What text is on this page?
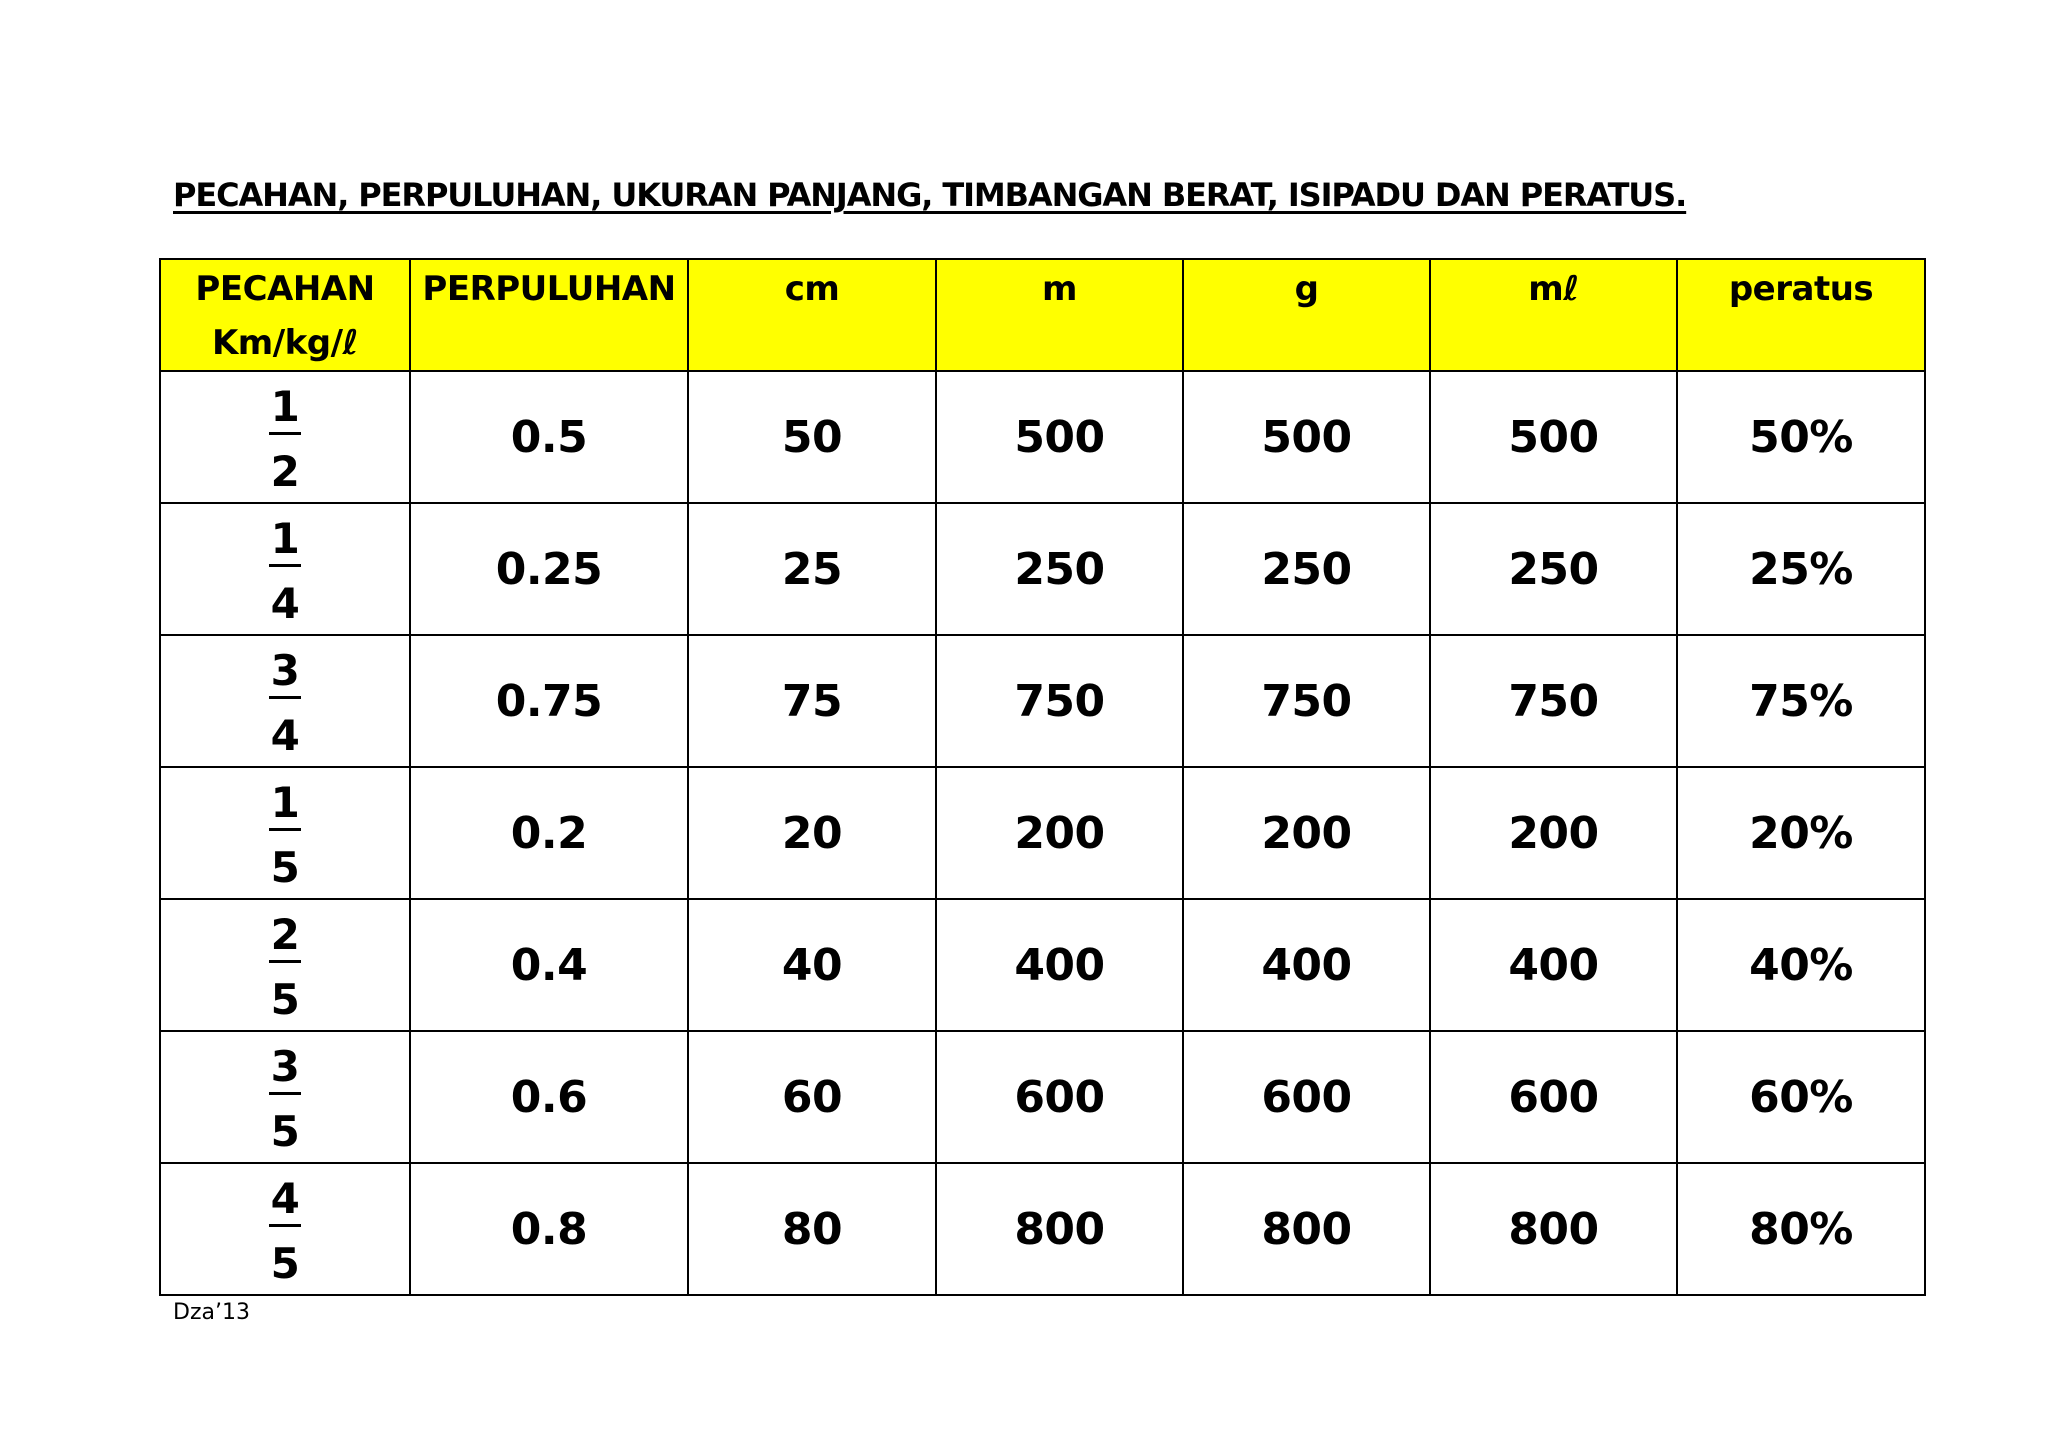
PECAHAN, PERPULUHAN, UKURAN PANJANG, TIMBANGAN BERAT, ISIPADU DAN PERATUS.
PECAHAN
Km/kg/ℓ	PERPULUHAN	cm	m	g	mℓ	peratus

$\frac{1}{2}$	0.5	50	500	500	500	50%

$\frac{1}{4}$	0.25	25	250	250	250	25%

$\frac{3}{4}$	0.75	75	750	750	750	75%

$\frac{1}{5}$	0.2	20	200	200	200	20%

$\frac{2}{5}$	0.4	40	400	400	400	40%

$\frac{3}{5}$	0.6	60	600	600	600	60%

$\frac{4}{5}$	0.8	80	800	800	800	80%
Dza’13
